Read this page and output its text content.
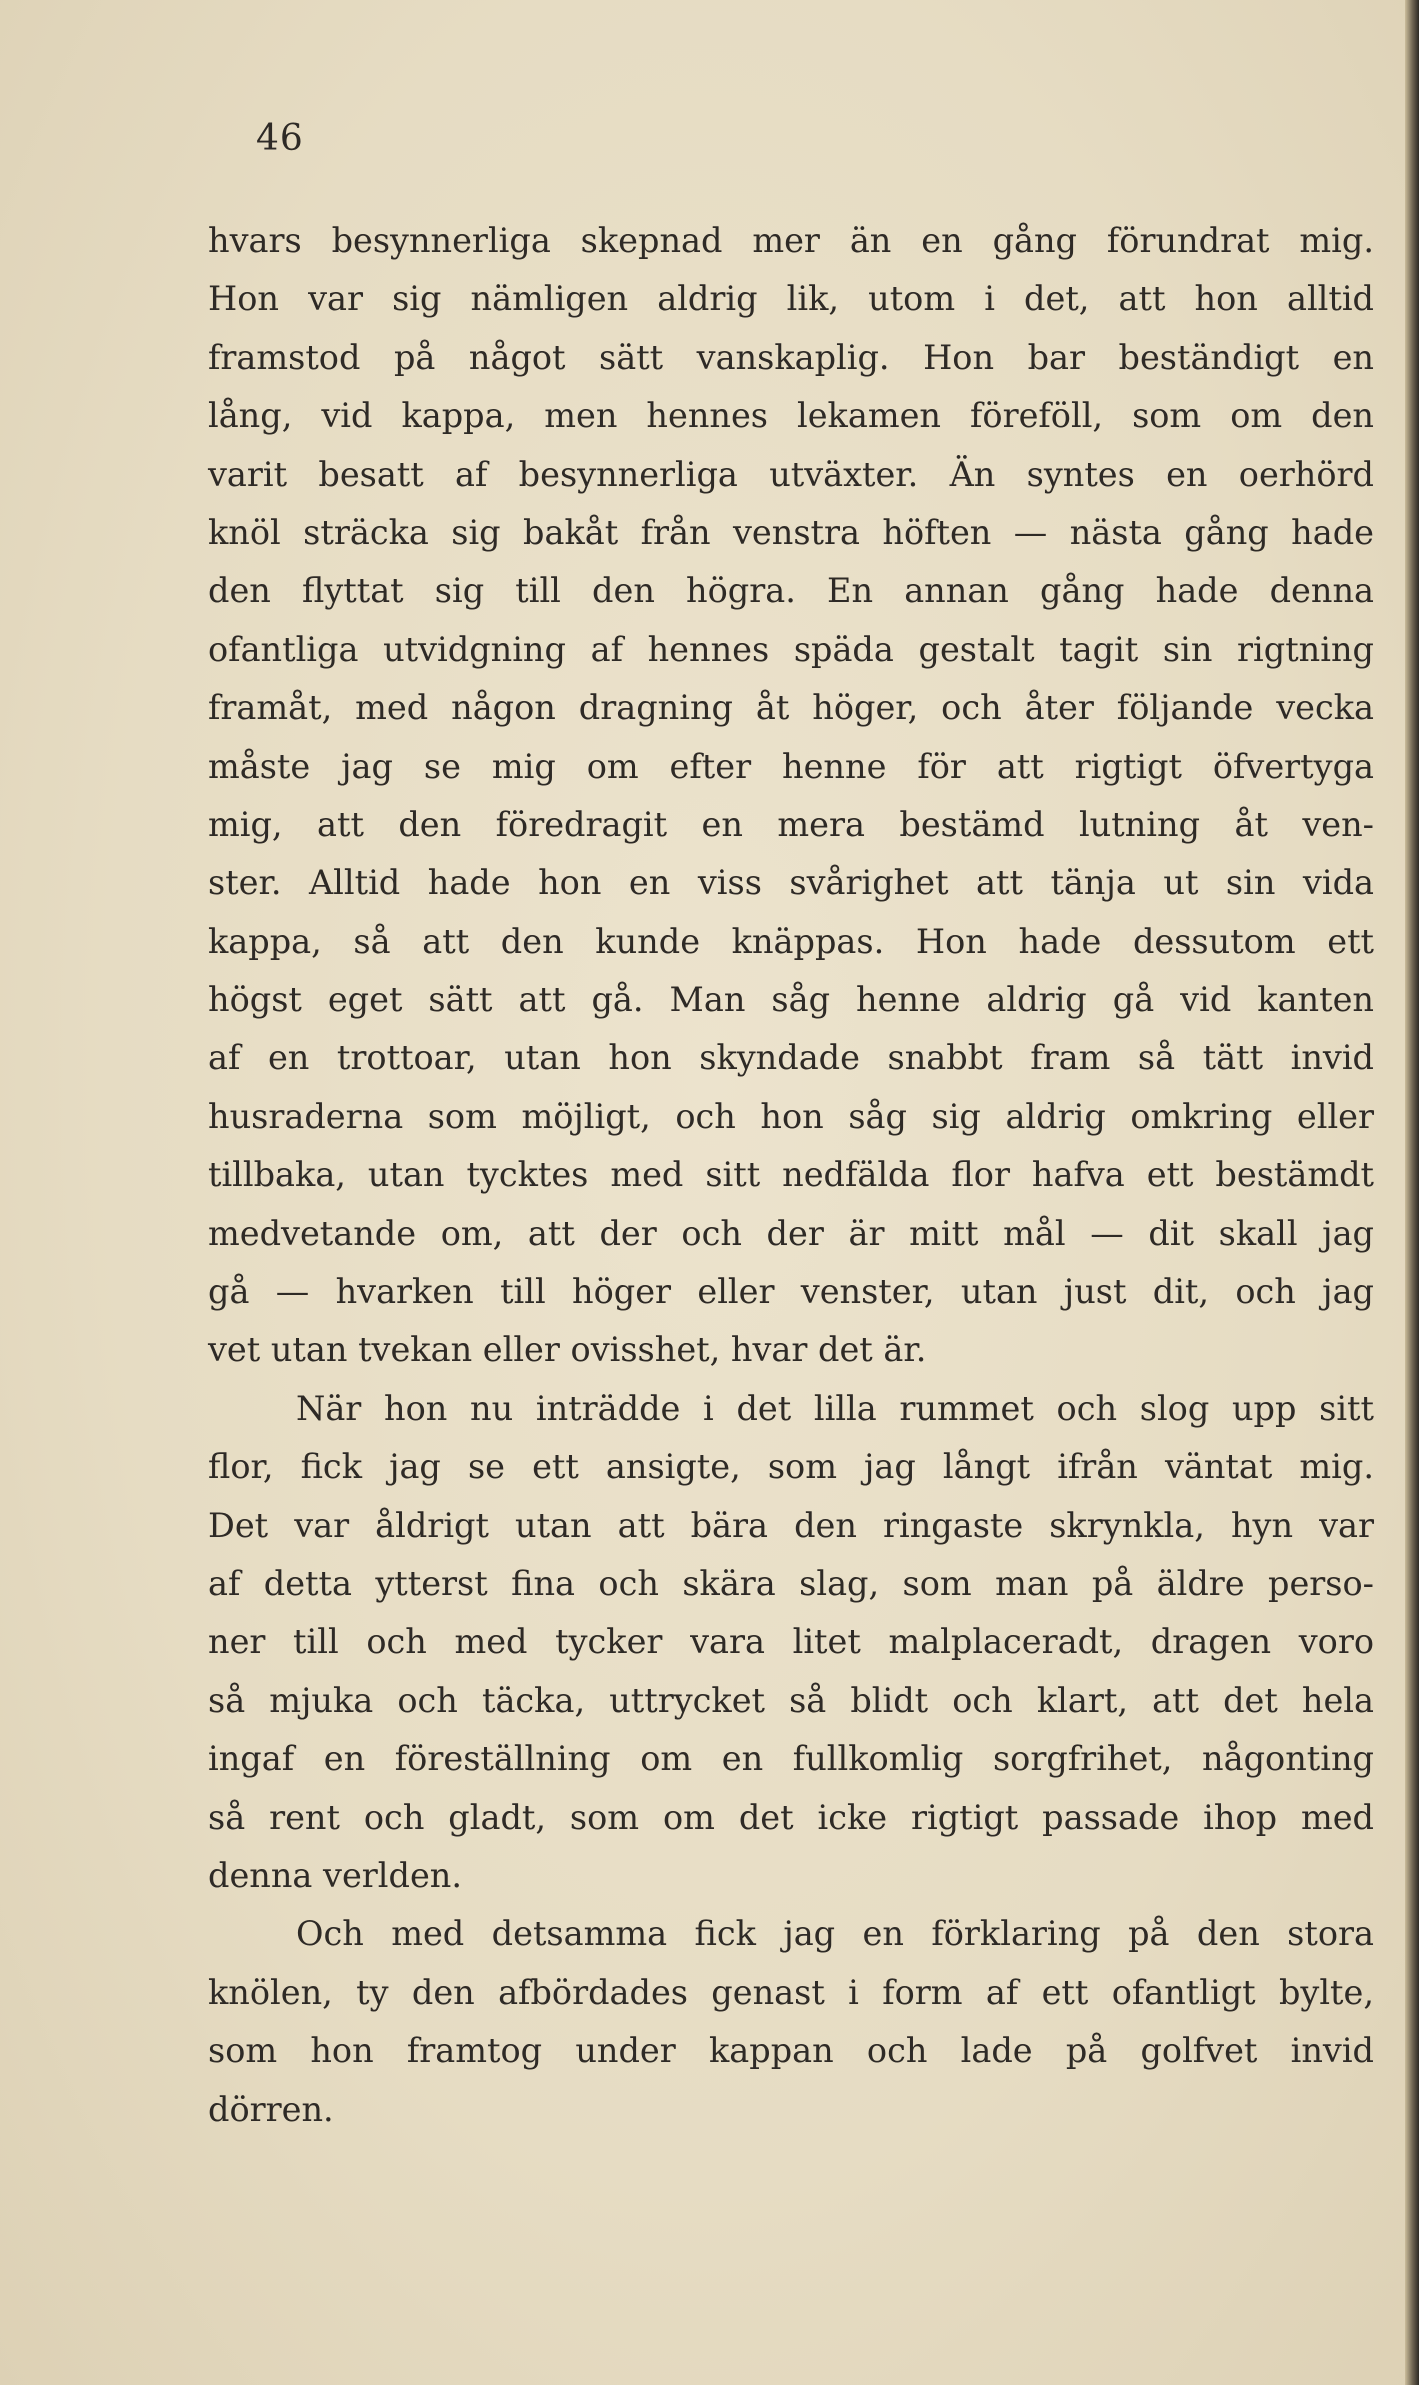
46
hvars besynnerliga skepnad mer än en gång förundrat mig.
Hon var sig nämligen aldrig lik, utom i det, att hon alltid
framstod på något sätt vanskaplig. Hon bar beständigt en
lång, vid kappa, men hennes lekamen föreföll, som om den
varit besatt af besynnerliga utväxter. Än syntes en oerhörd
knöl sträcka sig bakåt från venstra höften — nästa gång hade
den flyttat sig till den högra. En annan gång hade denna
ofantliga utvidgning af hennes späda gestalt tagit sin rigtning
framåt, med någon dragning åt höger, och åter följande vecka
måste jag se mig om efter henne för att rigtigt öfvertyga
mig, att den föredragit en mera bestämd lutning åt ven-
ster. Alltid hade hon en viss svårighet att tänja ut sin vida
kappa, så att den kunde knäppas. Hon hade dessutom ett
högst eget sätt att gå. Man såg henne aldrig gå vid kanten
af en trottoar, utan hon skyndade snabbt fram så tätt invid
husraderna som möjligt, och hon såg sig aldrig omkring eller
tillbaka, utan tycktes med sitt nedfälda flor hafva ett bestämdt
medvetande om, att der och der är mitt mål — dit skall jag
gå — hvarken till höger eller venster, utan just dit, och jag
vet utan tvekan eller ovisshet, hvar det är.
När hon nu inträdde i det lilla rummet och slog upp sitt
flor, fick jag se ett ansigte, som jag långt ifrån väntat mig.
Det var åldrigt utan att bära den ringaste skrynkla, hyn var
af detta ytterst fina och skära slag, som man på äldre perso-
ner till och med tycker vara litet malplaceradt, dragen voro
så mjuka och täcka, uttrycket så blidt och klart, att det hela
ingaf en föreställning om en fullkomlig sorgfrihet, någonting
så rent och gladt, som om det icke rigtigt passade ihop med
denna verlden.
Och med detsamma fick jag en förklaring på den stora
knölen, ty den afbördades genast i form af ett ofantligt bylte,
som hon framtog under kappan och lade på golfvet invid
dörren.
